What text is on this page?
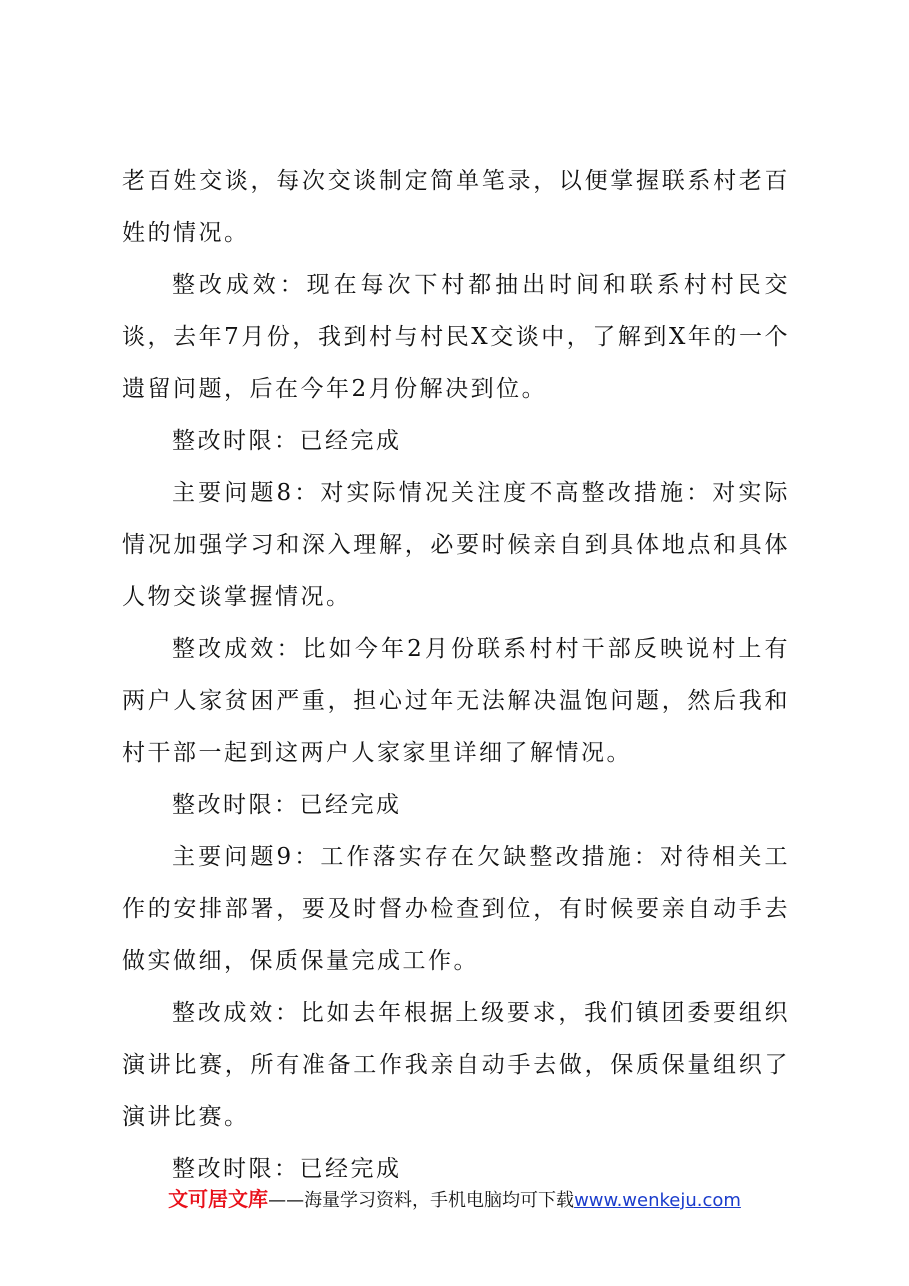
老百姓交谈，每次交谈制定简单笔录，以便掌握联系村老百姓的情况。

整改成效：现在每次下村都抽出时间和联系村村民交谈，去年7月份，我到村与村民X交谈中，了解到X年的一个遗留问题，后在今年2月份解决到位。

整改时限：已经完成

主要问题8：对实际情况关注度不高整改措施：对实际情况加强学习和深入理解，必要时候亲自到具体地点和具体人物交谈掌握情况。

整改成效：比如今年2月份联系村村干部反映说村上有两户人家贫困严重，担心过年无法解决温饱问题，然后我和村干部一起到这两户人家家里详细了解情况。

整改时限：已经完成

主要问题9：工作落实存在欠缺整改措施：对待相关工作的安排部署，要及时督办检查到位，有时候要亲自动手去做实做细，保质保量完成工作。

整改成效：比如去年根据上级要求，我们镇团委要组织演讲比赛，所有准备工作我亲自动手去做，保质保量组织了演讲比赛。

整改时限：已经完成

文可居文库——海量学习资料，手机电脑均可下载www.wenkeju.com
